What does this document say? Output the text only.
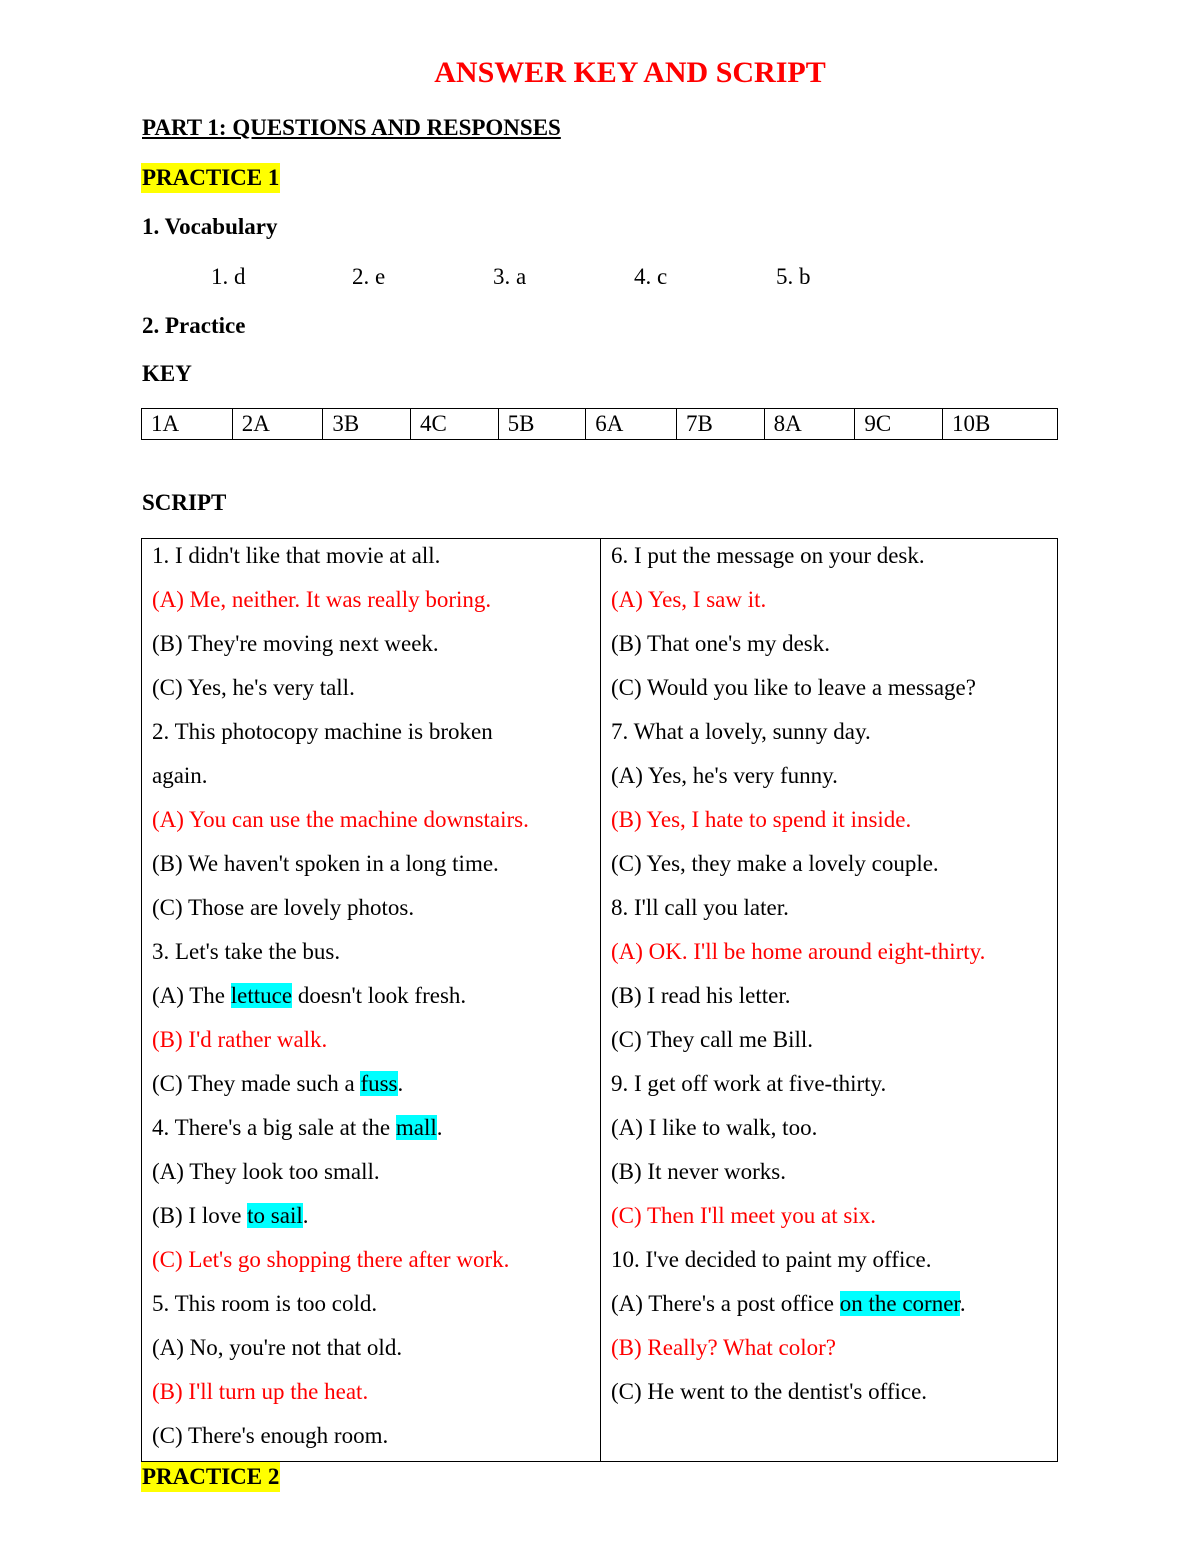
ANSWER KEY AND SCRIPT
PART 1: QUESTIONS AND RESPONSES
PRACTICE 1
1. Vocabulary
1. d	2. e	3. a	4. c	5. b
2. Practice
KEY
1A	2A	3B	4C	5B	6A	7B	8A	9C	10B
SCRIPT
1. I didn't like that movie at all.
(A) Me, neither. It was really boring.
(B) They're moving next week.
(C) Yes, he's very tall.
2. This photocopy machine is broken
again.
(A) You can use the machine downstairs.
(B) We haven't spoken in a long time.
(C) Those are lovely photos.
3. Let's take the bus.
(A) The lettuce doesn't look fresh.
(B) I'd rather walk.
(C) They made such a fuss.
4. There's a big sale at the mall.
(A) They look too small.
(B) I love to sail.
(C) Let's go shopping there after work.
5. This room is too cold.
(A) No, you're not that old.
(B) I'll turn up the heat.
(C) There's enough room.
6. I put the message on your desk.
(A) Yes, I saw it.
(B) That one's my desk.
(C) Would you like to leave a message?
7. What a lovely, sunny day.
(A) Yes, he's very funny.
(B) Yes, I hate to spend it inside.
(C) Yes, they make a lovely couple.
8. I'll call you later.
(A) OK. I'll be home around eight-thirty.
(B) I read his letter.
(C) They call me Bill.
9. I get off work at five-thirty.
(A) I like to walk, too.
(B) It never works.
(C) Then I'll meet you at six.
10. I've decided to paint my office.
(A) There's a post office on the corner.
(B) Really? What color?
(C) He went to the dentist's office.
PRACTICE 2
